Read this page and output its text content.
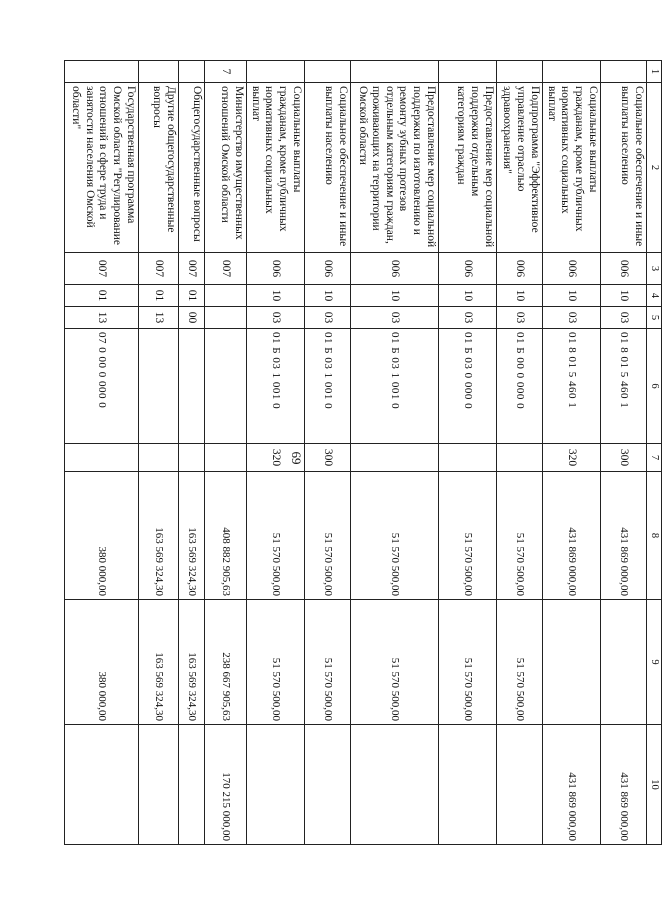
69
1	2	3	4	5	6	7	8	9	10
	Социальное обеспечение и иные выплаты населению	006	10	03	01 8 01 5 460 1	300	431 869 000,00		431 869 000,00
	Социальные выплаты гражданам, кроме публичных нормативных социальных выплат	006	10	03	01 8 01 5 460 1	320	431 869 000,00		431 869 000,00
	Подпрограмма "Эффективное управление отраслью здравоохранения"	006	10	03	01 Б 00 0 000 0		51 570 500,00	51 570 500,00	
	Предоставление мер социальной поддержки отдельным категориям граждан	006	10	03	01 Б 03 0 000 0		51 570 500,00	51 570 500,00	
	Предоставление мер социальной поддержки по изготовлению и ремонту зубных протезов отдельным категориям граждан, проживающих на территории Омской области	006	10	03	01 Б 03 1 001 0		51 570 500,00	51 570 500,00	
	Социальное обеспечение и иные выплаты населению	006	10	03	01 Б 03 1 001 0	300	51 570 500,00	51 570 500,00	
	Социальные выплаты гражданам, кроме публичных нормативных социальных выплат	006	10	03	01 Б 03 1 001 0	320	51 570 500,00	51 570 500,00	
7	Министерство имущественных отношений Омской области	007					408 882 905,63	238 667 905,63	170 215 000,00
	Общегосударственные вопросы	007	01	00			163 569 324,30	163 569 324,30	
	Другие общегосударственные вопросы	007	01	13			163 569 324,30	163 569 324,30	
	Государственная программа Омской области "Регулирование отношений в сфере труда и занятости населения Омской области"	007	01	13	07 0 00 0 000 0		380 000,00	380 000,00	
